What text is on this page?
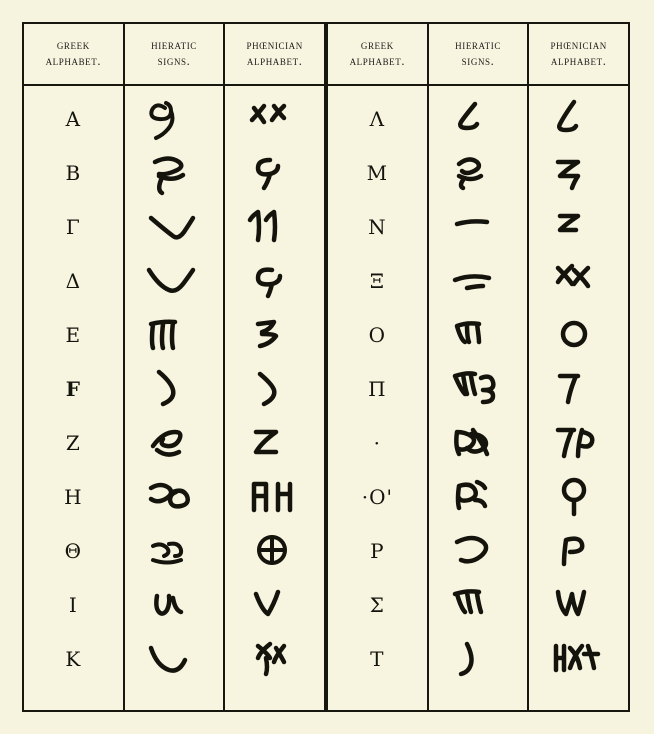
greek
alphabet.
Α
Β
Γ
Δ
Ε
F
Ζ
Η
Θ
Ι
Κ
hieratic
signs.
phœnician
alphabet.
greek
alphabet.
Λ
Μ
Ν
Ξ
Ο
Π
·
·Ο'
Ρ
Σ
Τ
hieratic
signs.
phœnician
alphabet.
